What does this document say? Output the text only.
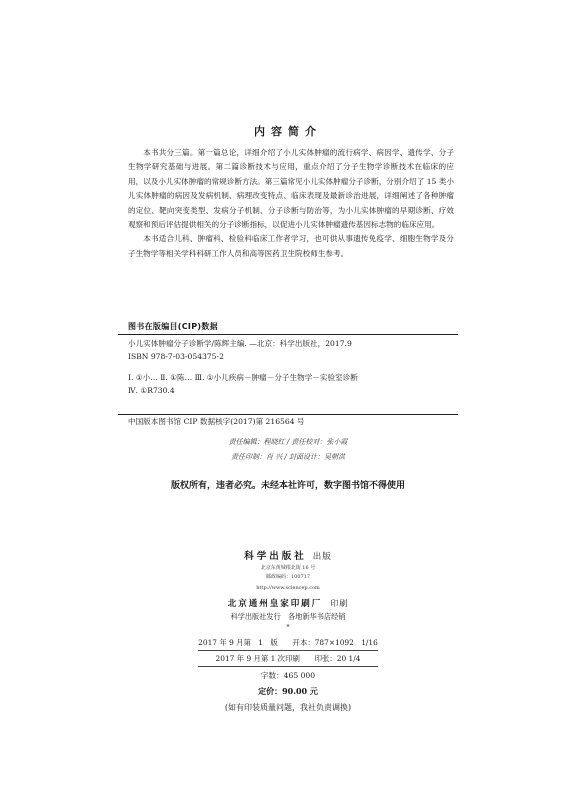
内容简介

本书共分三篇。第一篇总论，详细介绍了小儿实体肿瘤的流行病学、病因学、遗传学、分子生物学研究基础与进展。第二篇诊断技术与应用，重点介绍了分子生物学诊断技术在临床的应用，以及小儿实体肿瘤的常规诊断方法。第三篇常见小儿实体肿瘤分子诊断，分别介绍了 15 类小儿实体肿瘤的病因及发病机制、病理改变特点、临床表现及最新诊治进展，详细阐述了各种肿瘤的定位、靶向突变类型、发病分子机制、分子诊断与防治等，为小儿实体肿瘤的早期诊断、疗效观察和预后评估提供相关的分子诊断指标，以促进小儿实体肿瘤遗传基因标志物的临床应用。

本书适合儿科、肿瘤科、检验科临床工作者学习，也可供从事遗传免疫学、细胞生物学及分子生物学等相关学科科研工作人员和高等医药卫生院校师生参考。

图书在版编目(CIP)数据
小儿实体肿瘤分子诊断学/陈辉主编. —北京：科学出版社，2017.9
ISBN 978-7-03-054375-2
Ⅰ. ①小… Ⅱ. ①陈… Ⅲ. ①小儿疾病－肿瘤－分子生物学－实验室诊断
Ⅳ. ①R730.4
中国版本图书馆 CIP 数据核字(2017)第 216564 号
责任编辑：程晓红 / 责任校对：张小霞
责任印制：肖 兴 / 封面设计：吴朝洪
版权所有，违者必究。未经本社许可，数字图书馆不得使用
科学出版社 出版
北京东黄城根北街 16 号
邮政编码：100717
http://www.sciencep.com
北京通州皇家印刷厂 印刷
科学出版社发行　各地新华书店经销
*
2017 年 9 月第　1　版　　开本：787×1092　1/16
2017 年 9 月第 1 次印刷　　印张：20 1/4
字数：465 000
定价：90.00 元
(如有印装质量问题，我社负责调换)
